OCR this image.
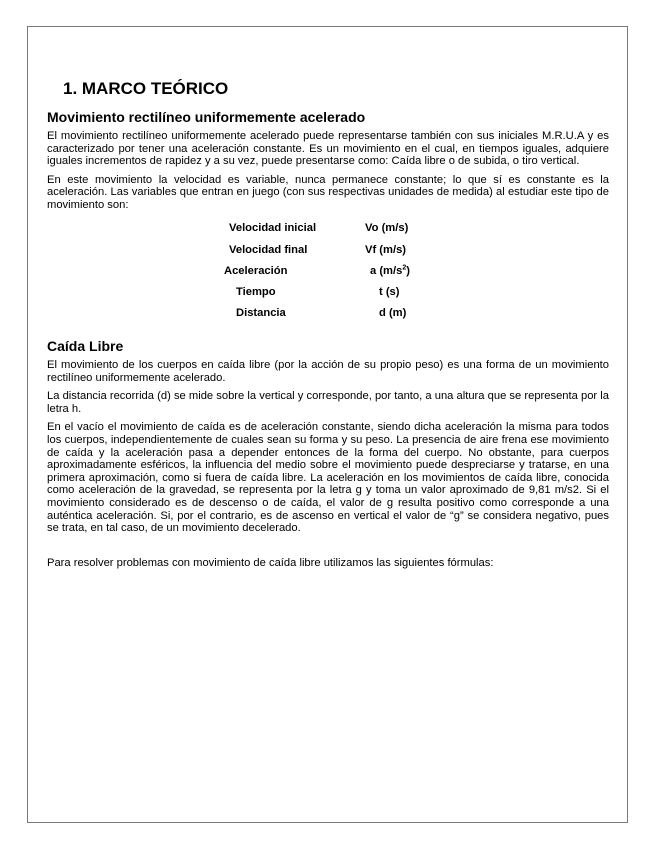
1. MARCO TEÓRICO
Movimiento rectilíneo uniformemente acelerado

El movimiento rectilíneo uniformemente acelerado puede representarse también con sus iniciales M.R.U.A y es caracterizado por tener una aceleración constante. Es un movimiento en el cual, en tiempos iguales, adquiere iguales incrementos de rapidez y a su vez, puede presentarse como: Caída libre o de subida, o tiro vertical.

En este movimiento la velocidad es variable, nunca permanece constante; lo que sí es constante es la aceleración. Las variables que entran en juego (con sus respectivas unidades de medida) al estudiar este tipo de movimiento son:

Velocidad inicial	Vo (m/s)
Velocidad final	Vf (m/s)
Aceleración	a $(m/s^2)$
Tiempo	t (s)
Distancia	d (m)
Caída Libre

El movimiento de los cuerpos en caída libre (por la acción de su propio peso) es una forma de un movimiento rectilíneo uniformemente acelerado.

La distancia recorrida (d) se mide sobre la vertical y corresponde, por tanto, a una altura que se representa por la letra h.

En el vacío el movimiento de caída es de aceleración constante, siendo dicha aceleración la misma para todos los cuerpos, independientemente de cuales sean su forma y su peso. La presencia de aire frena ese movimiento de caída y la aceleración pasa a depender entonces de la forma del cuerpo. No obstante, para cuerpos aproximadamente esféricos, la influencia del medio sobre el movimiento puede despreciarse y tratarse, en una primera aproximación, como si fuera de caída libre. La aceleración en los movimientos de caída libre, conocida como aceleración de la gravedad, se representa por la letra g y toma un valor aproximado de 9,81 m/s2. Si el movimiento considerado es de descenso o de caída, el valor de g resulta positivo como corresponde a una auténtica aceleración. Si, por el contrario, es de ascenso en vertical el valor de “g” se considera negativo, pues se trata, en tal caso, de un movimiento decelerado.

Para resolver problemas con movimiento de caída libre utilizamos las siguientes fórmulas:
